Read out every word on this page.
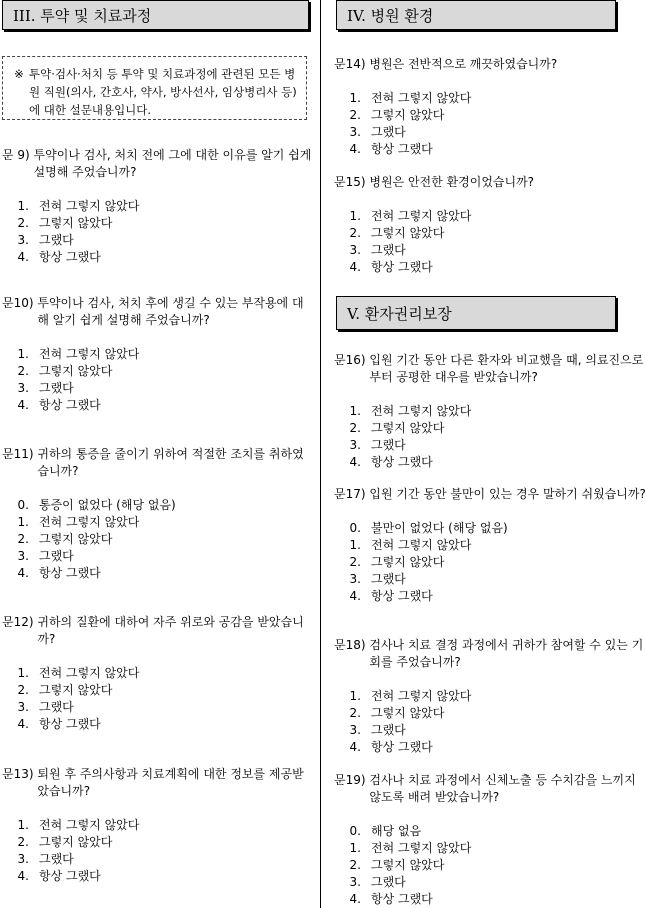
III. 투약 및 치료과정
※ 투약·검사·처치 등 투약 및 치료과정에 관련된 모든 병원 직원(의사, 간호사, 약사, 방사선사, 임상병리사 등) 에 대한 설문내용입니다.
문 9) 투약이나 검사, 처치 전에 그에 대한 이유를 알기 쉽게 설명해 주었습니까?
1. 전혀 그렇지 않았다
2. 그렇지 않았다
3. 그랬다
4. 항상 그랬다
문10) 투약이나 검사, 처치 후에 생길 수 있는 부작용에 대해 알기 쉽게 설명해 주었습니까?
1. 전혀 그렇지 않았다
2. 그렇지 않았다
3. 그랬다
4. 항상 그랬다
문11) 귀하의 통증을 줄이기 위하여 적절한 조치를 취하였습니까?
0. 통증이 없었다 (해당 없음)
1. 전혀 그렇지 않았다
2. 그렇지 않았다
3. 그랬다
4. 항상 그랬다
문12) 귀하의 질환에 대하여 자주 위로와 공감을 받았습니까?
1. 전혀 그렇지 않았다
2. 그렇지 않았다
3. 그랬다
4. 항상 그랬다
문13) 퇴원 후 주의사항과 치료계획에 대한 정보를 제공받았습니까?
1. 전혀 그렇지 않았다
2. 그렇지 않았다
3. 그랬다
4. 항상 그랬다
IV. 병원 환경
문14) 병원은 전반적으로 깨끗하였습니까?
1. 전혀 그렇지 않았다
2. 그렇지 않았다
3. 그랬다
4. 항상 그랬다
문15) 병원은 안전한 환경이었습니까?
1. 전혀 그렇지 않았다
2. 그렇지 않았다
3. 그랬다
4. 항상 그랬다
V. 환자권리보장
문16) 입원 기간 동안 다른 환자와 비교했을 때, 의료진으로부터 공평한 대우를 받았습니까?
1. 전혀 그렇지 않았다
2. 그렇지 않았다
3. 그랬다
4. 항상 그랬다
문17) 입원 기간 동안 불만이 있는 경우 말하기 쉬웠습니까?
0. 불만이 없었다 (해당 없음)
1. 전혀 그렇지 않았다
2. 그렇지 않았다
3. 그랬다
4. 항상 그랬다
문18) 검사나 치료 결정 과정에서 귀하가 참여할 수 있는 기회를 주었습니까?
1. 전혀 그렇지 않았다
2. 그렇지 않았다
3. 그랬다
4. 항상 그랬다
문19) 검사나 치료 과정에서 신체노출 등 수치감을 느끼지 않도록 배려 받았습니까?
0. 해당 없음
1. 전혀 그렇지 않았다
2. 그렇지 않았다
3. 그랬다
4. 항상 그랬다
